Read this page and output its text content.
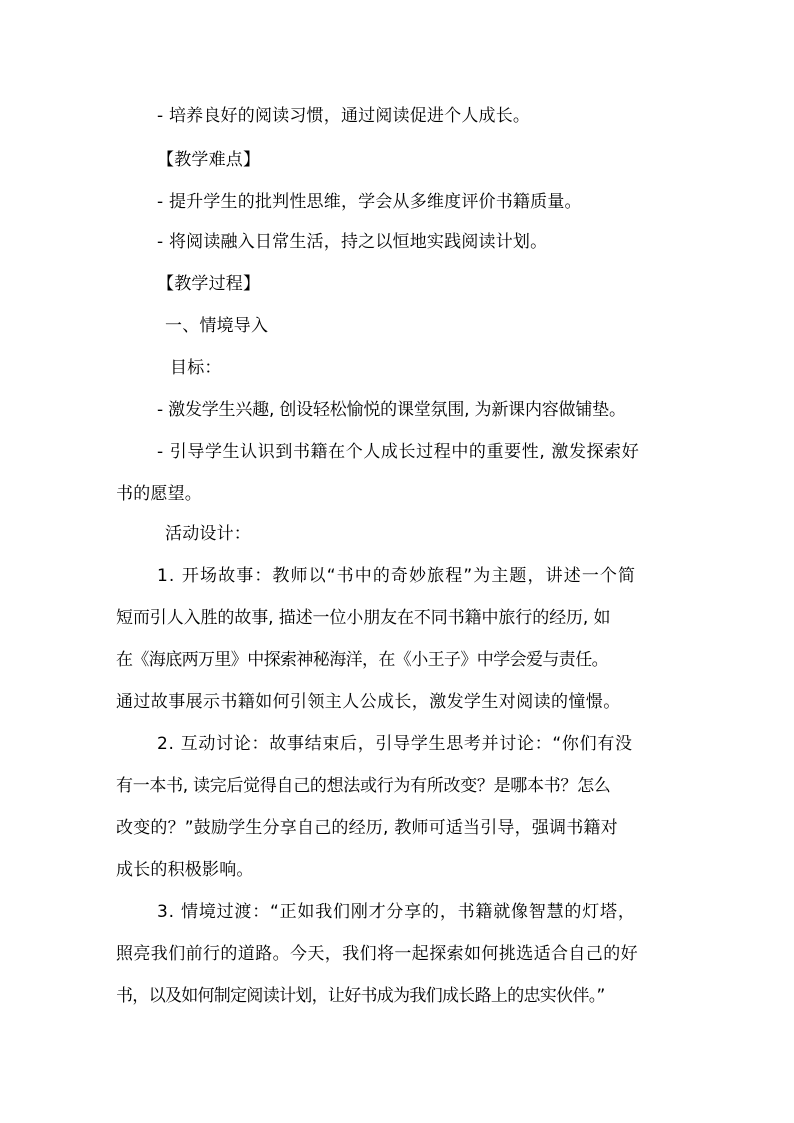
- 培养良好的阅读习惯，通过阅读促进个人成长。
【教学难点】
- 提升学生的批判性思维，学会从多维度评价书籍质量。
- 将阅读融入日常生活，持之以恒地实践阅读计划。
【教学过程】
一、情境导入
目标：
- 激发学生兴趣, 创设轻松愉悦的课堂氛围, 为新课内容做铺垫。
- 引导学生认识到书籍在个人成长过程中的重要性, 激发探索好
书的愿望。
活动设计：
1. 开场故事：教师以“书中的奇妙旅程”为主题，讲述一个简
短而引人入胜的故事, 描述一位小朋友在不同书籍中旅行的经历, 如
在《海底两万里》中探索神秘海洋，在《小王子》中学会爱与责任。
通过故事展示书籍如何引领主人公成长，激发学生对阅读的憧憬。
2. 互动讨论：故事结束后，引导学生思考并讨论：“你们有没
有一本书, 读完后觉得自己的想法或行为有所改变？是哪本书？怎么
改变的？”鼓励学生分享自己的经历, 教师可适当引导，强调书籍对
成长的积极影响。
3. 情境过渡：“正如我们刚才分享的，书籍就像智慧的灯塔，
照亮我们前行的道路。今天，我们将一起探索如何挑选适合自己的好
书，以及如何制定阅读计划，让好书成为我们成长路上的忠实伙伴。”
